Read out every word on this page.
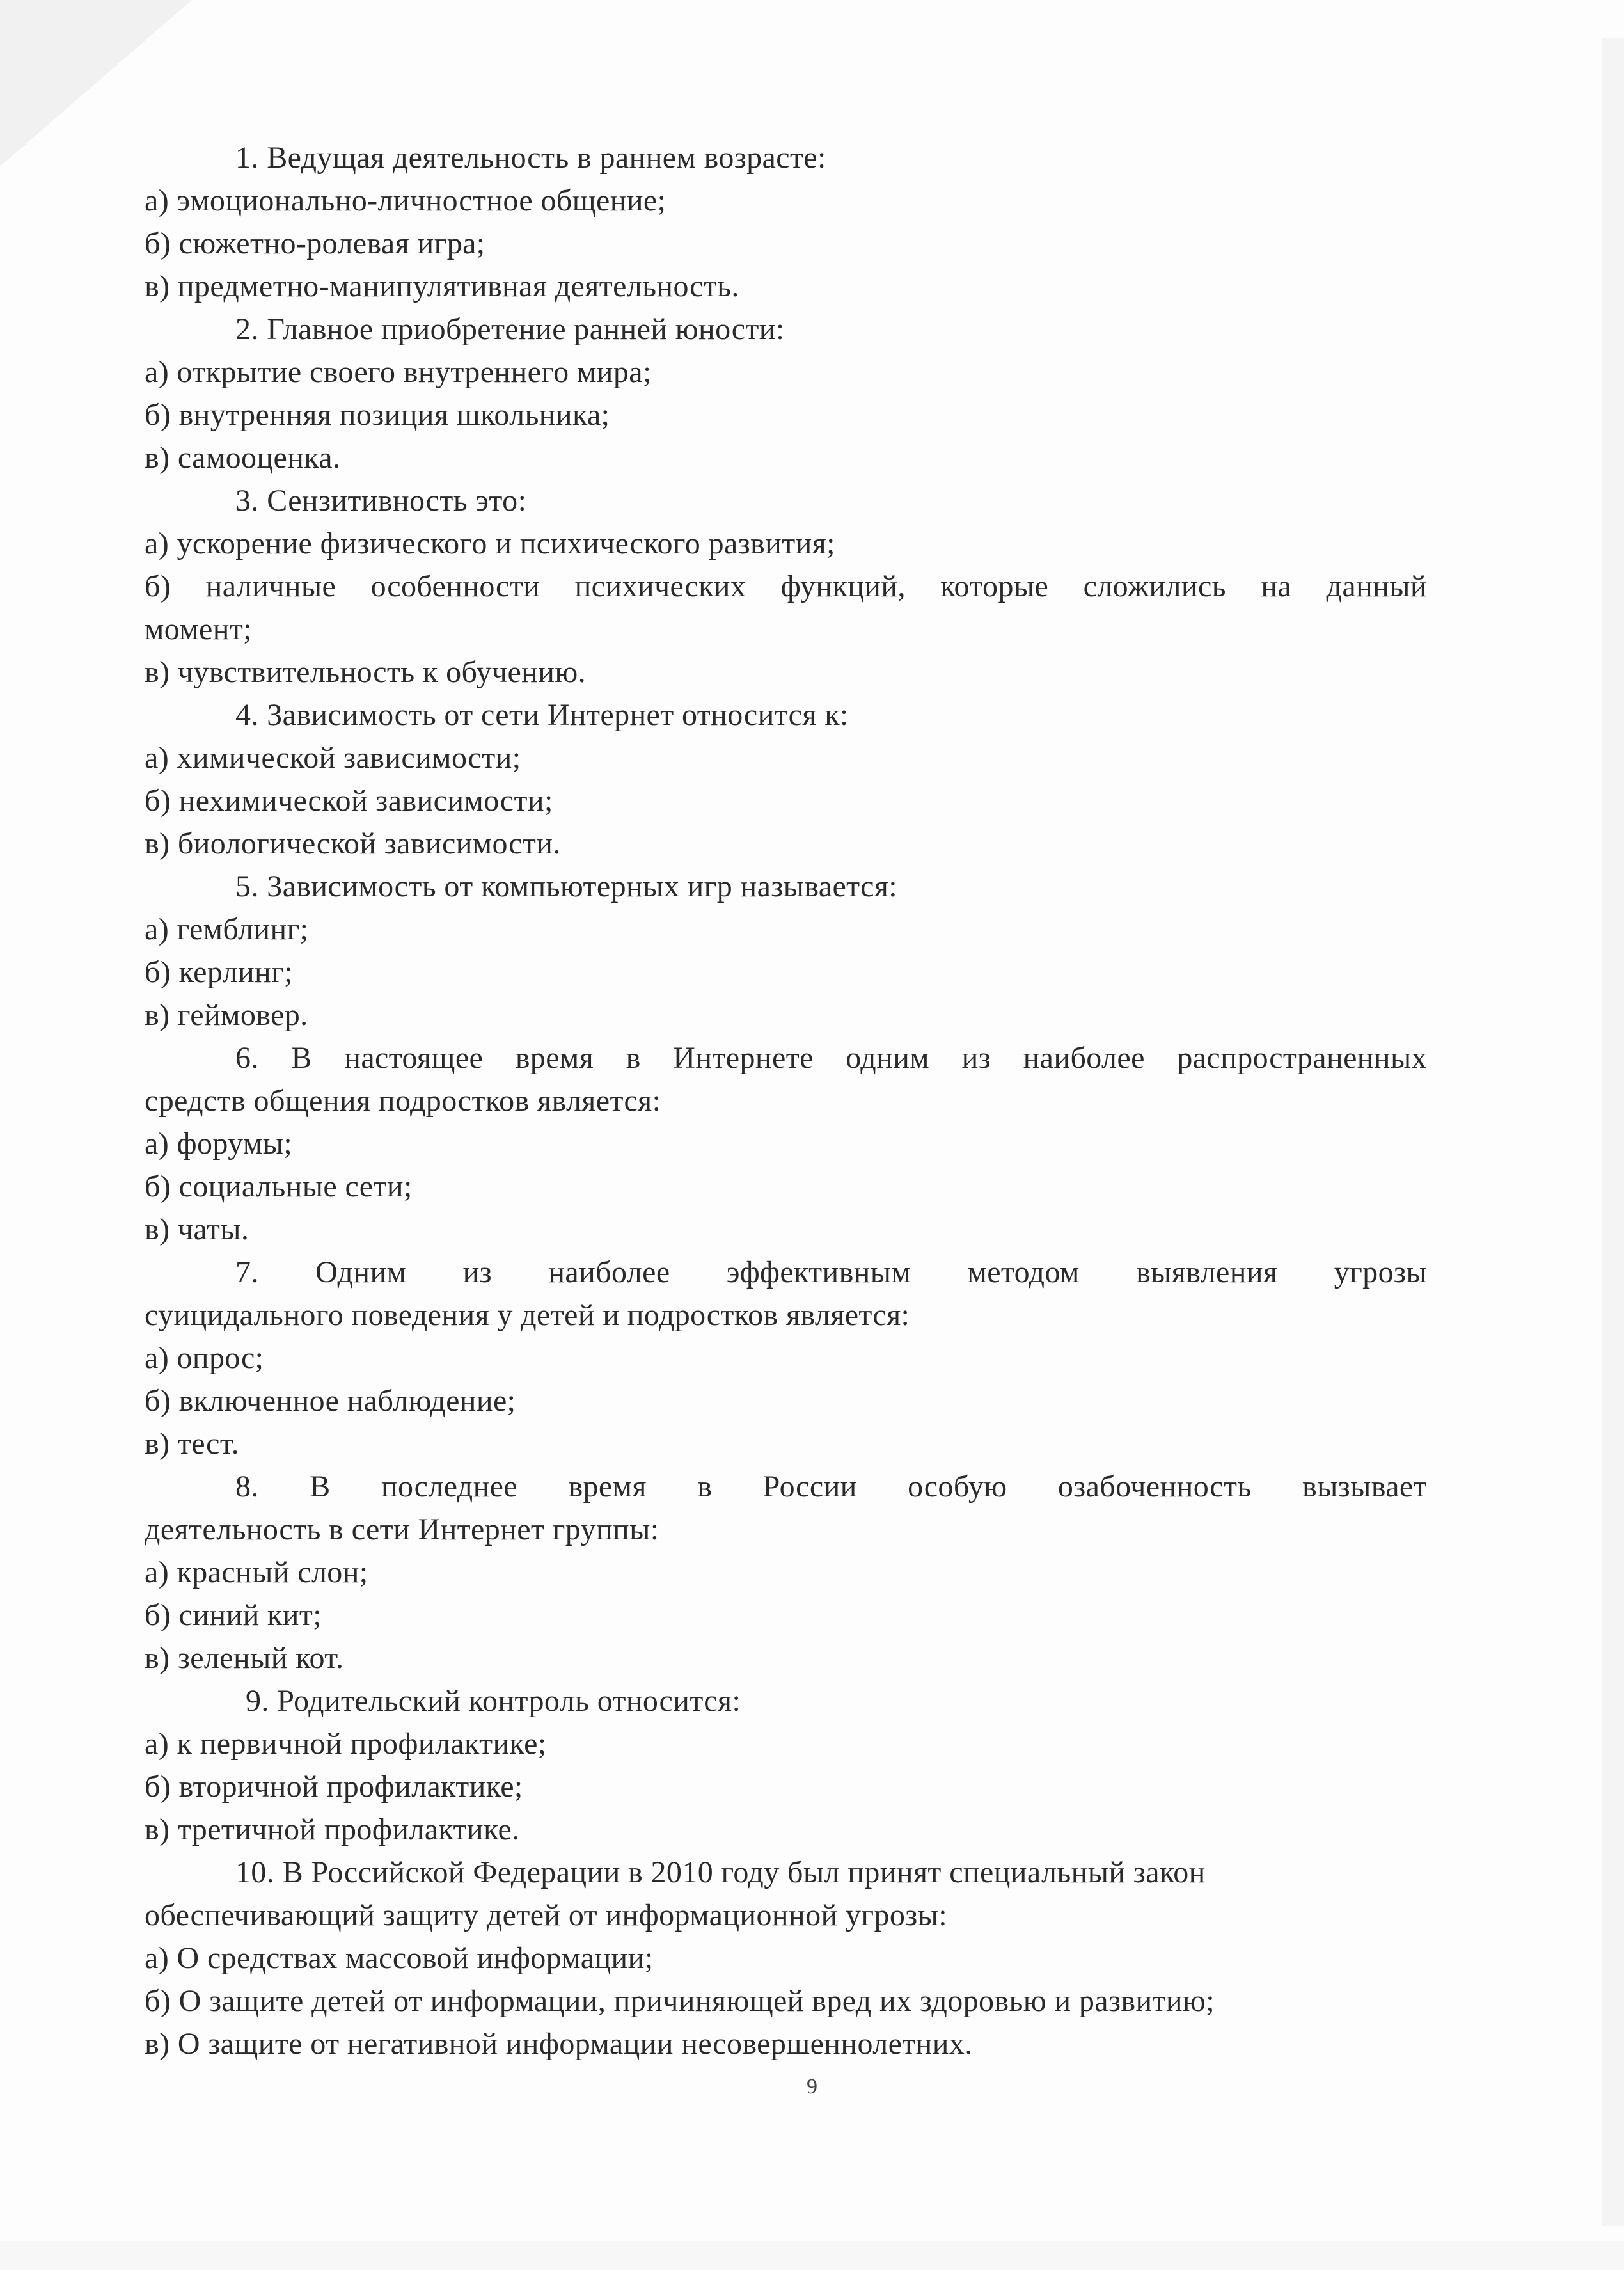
1. Ведущая деятельность в раннем возрасте:
а) эмоционально-личностное общение;
б) сюжетно-ролевая игра;
в) предметно-манипулятивная деятельность.
2. Главное приобретение ранней юности:
а) открытие своего внутреннего мира;
б) внутренняя позиция школьника;
в) самооценка.
3. Сензитивность это:
а) ускорение физического и психического развития;
б) наличные особенности психических функций, которые сложились на данный
момент;
в) чувствительность к обучению.
4. Зависимость от сети Интернет относится к:
а) химической зависимости;
б) нехимической зависимости;
в) биологической зависимости.
5. Зависимость от компьютерных игр называется:
а) гемблинг;
б) керлинг;
в) геймовер.
6. В настоящее время в Интернете одним из наиболее распространенных
средств общения подростков является:
а) форумы;
б) социальные сети;
в) чаты.
7. Одним из наиболее эффективным методом выявления угрозы
суицидального поведения у детей и подростков является:
а) опрос;
б) включенное наблюдение;
в) тест.
8. В последнее время в России особую озабоченность вызывает
деятельность в сети Интернет группы:
а) красный слон;
б) синий кит;
в) зеленый кот.
9. Родительский контроль относится:
а) к первичной профилактике;
б) вторичной профилактике;
в) третичной профилактике.
10. В Российской Федерации в 2010 году был принят специальный закон
обеспечивающий защиту детей от информационной угрозы:
а) О средствах массовой информации;
б) О защите детей от информации, причиняющей вред их здоровью и развитию;
в) О защите от негативной информации несовершеннолетних.
9
